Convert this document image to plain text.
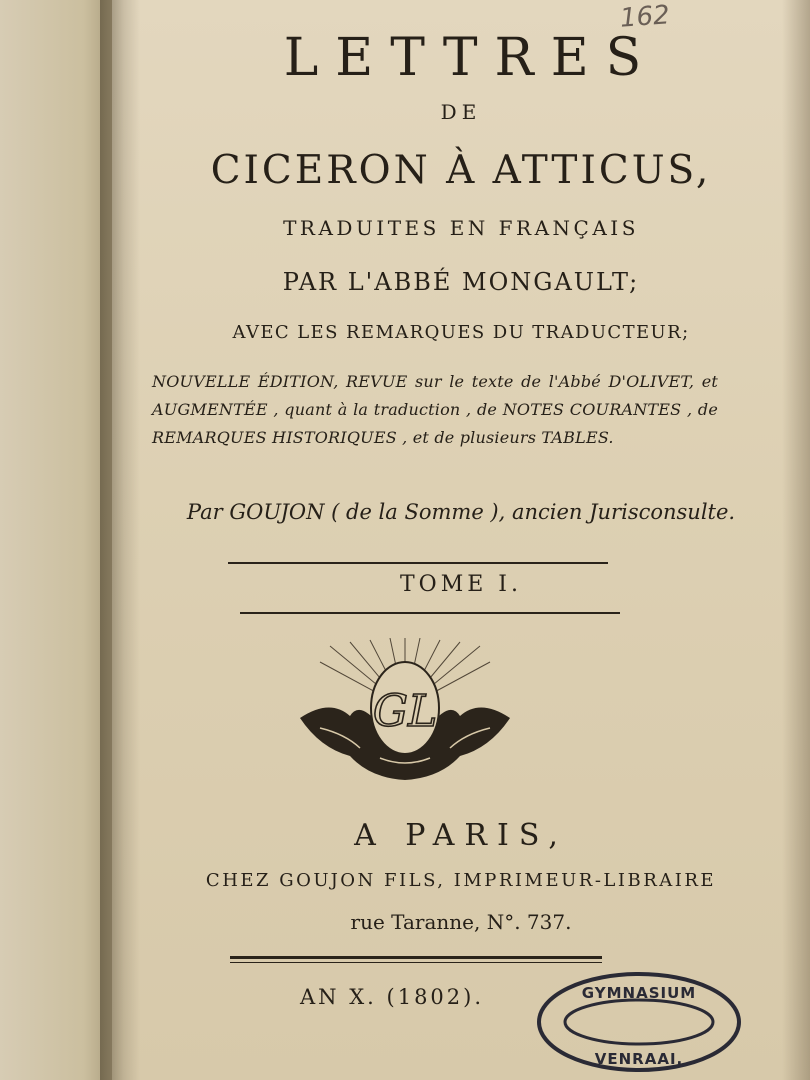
162
LETTRES
DE
CICERON À ATTICUS,
TRADUITES EN FRANÇAIS
PAR L'ABBÉ MONGAULT;
AVEC LES REMARQUES DU TRADUCTEUR;
NOUVELLE ÉDITION, REVUE sur le texte de l'Abbé D'OLIVET, et AUGMENTÉE , quant à la traduction , de NOTES COURANTES , de REMARQUES HISTORIQUES , et de plusieurs TABLES.
Par GOUJON ( de la Somme ), ancien Jurisconsulte.
TOME I.
GL
A PARIS,
CHEZ GOUJON FILS, IMPRIMEUR-LIBRAIRE
rue Taranne, N°. 737.
AN X. (1802).	GYMNASIUM
VENRAAI.
